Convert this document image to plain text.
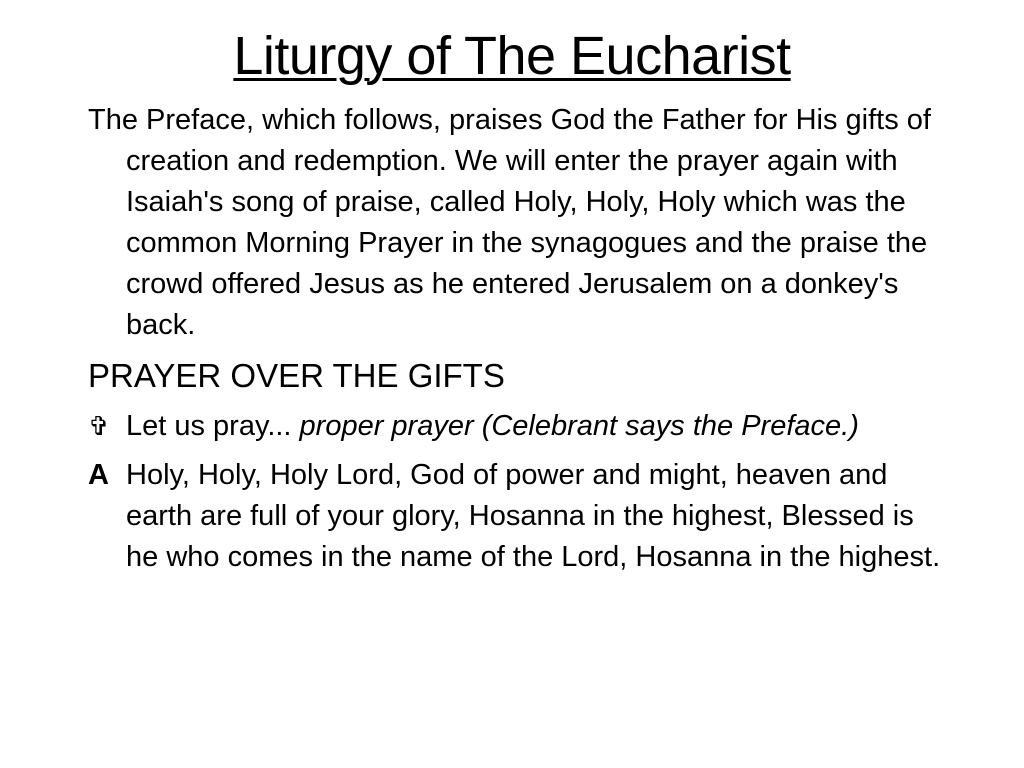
Liturgy of The Eucharist

The Preface, which follows, praises God the Father for His gifts of creation and redemption. We will enter the prayer again with Isaiah's song of praise, called Holy, Holy, Holy which was the common Morning Prayer in the synagogues and the praise the crowd offered Jesus as he entered Jerusalem on a donkey's back.

PRAYER OVER THE GIFTS

✞ Let us pray... proper prayer (Celebrant says the Preface.)

A Holy, Holy, Holy Lord, God of power and might, heaven and earth are full of your glory, Hosanna in the highest, Blessed is he who comes in the name of the Lord, Hosanna in the highest.
